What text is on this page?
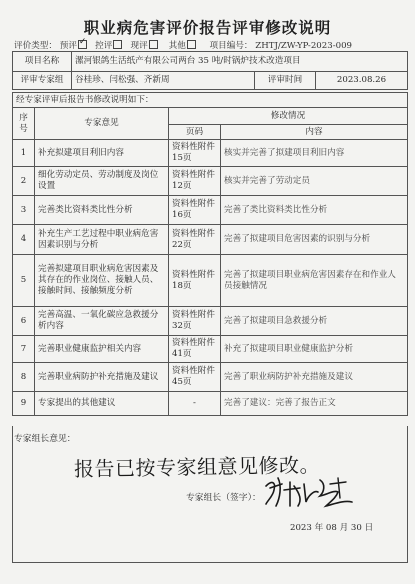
职业病危害评价报告评审修改说明
评价类型： 预评 ✓ 控评 现评 其他	项目编号： ZHTJ/ZW-YP-2023-009
项目名称	漯河银鸽生活纸产有限公司两台 35 吨/时锅炉技术改造项目		
评审专家组	谷桂珍、闫松强、齐新周	评审时间	2023.08.26
经专家评审后报告书修改说明如下：			
序号	专家意见	修改情况	
		页码	内容
1	补充拟建项目利旧内容	资料性附件15页	核实并完善了拟建项目利旧内容
2	细化劳动定员、劳动制度及岗位设置	资料性附件12页	核实并完善了劳动定员
3	完善类比资料类比性分析	资料性附件16页	完善了类比资料类比性分析
4	补充生产工艺过程中职业病危害因素识别与分析	资料性附件22页	完善了拟建项目危害因素的识别与分析
5	完善拟建项目职业病危害因素及其存在的作业岗位、接触人员、接触时间、接触频度分析	资料性附件18页	完善了拟建项目职业病危害因素存在和作业人员接触情况
6	完善高温、一氧化碳应急救援分析内容	资料性附件32页	完善了拟建项目急救援分析
7	完善职业健康监护相关内容	资料性附件41页	补充了拟建项目职业健康监护分析
8	完善职业病防护补充措施及建议	资料性附件45页	完善了职业病防护补充措施及建议
9	专家提出的其他建议	-	完善了建议：完善了报告正文
专家组长意见：
报告已按专家组意见修改。
专家组长（签字）：
2023 年 08 月 30 日
